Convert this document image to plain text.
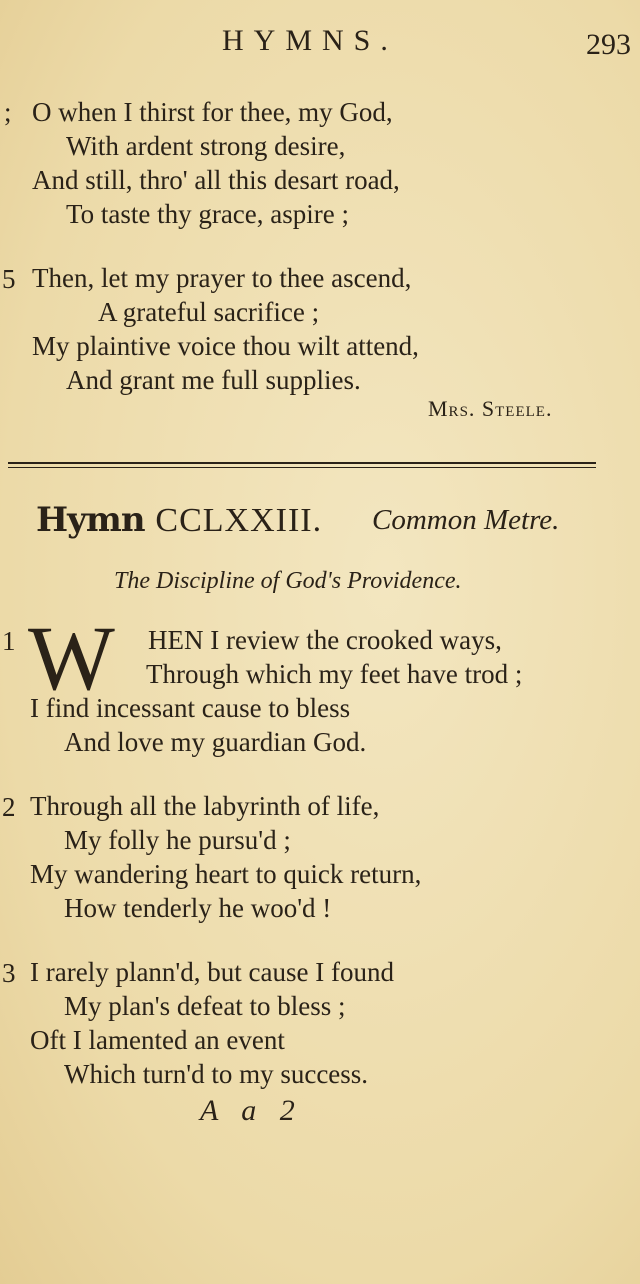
HYMNS.	293
; O when I thirst for thee, my God,
With ardent strong desire,
And still, thro' all this desart road,
To taste thy grace, aspire ;
5 Then, let my prayer to thee ascend,
A grateful sacrifice ;
My plaintive voice thou wilt attend,
And grant me full supplies.
Mrs. Steele.
Hymn CCLXXIII. Common Metre.
The Discipline of God's Providence.
1 W HEN I review the crooked ways,
Through which my feet have trod ;
I find incessant cause to bless
And love my guardian God.
2 Through all the labyrinth of life,
My folly he pursu'd ;
My wandering heart to quick return,
How tenderly he woo'd !
3 I rarely plann'd, but cause I found
My plan's defeat to bless ;
Oft I lamented an event
Which turn'd to my success.
A a 2
